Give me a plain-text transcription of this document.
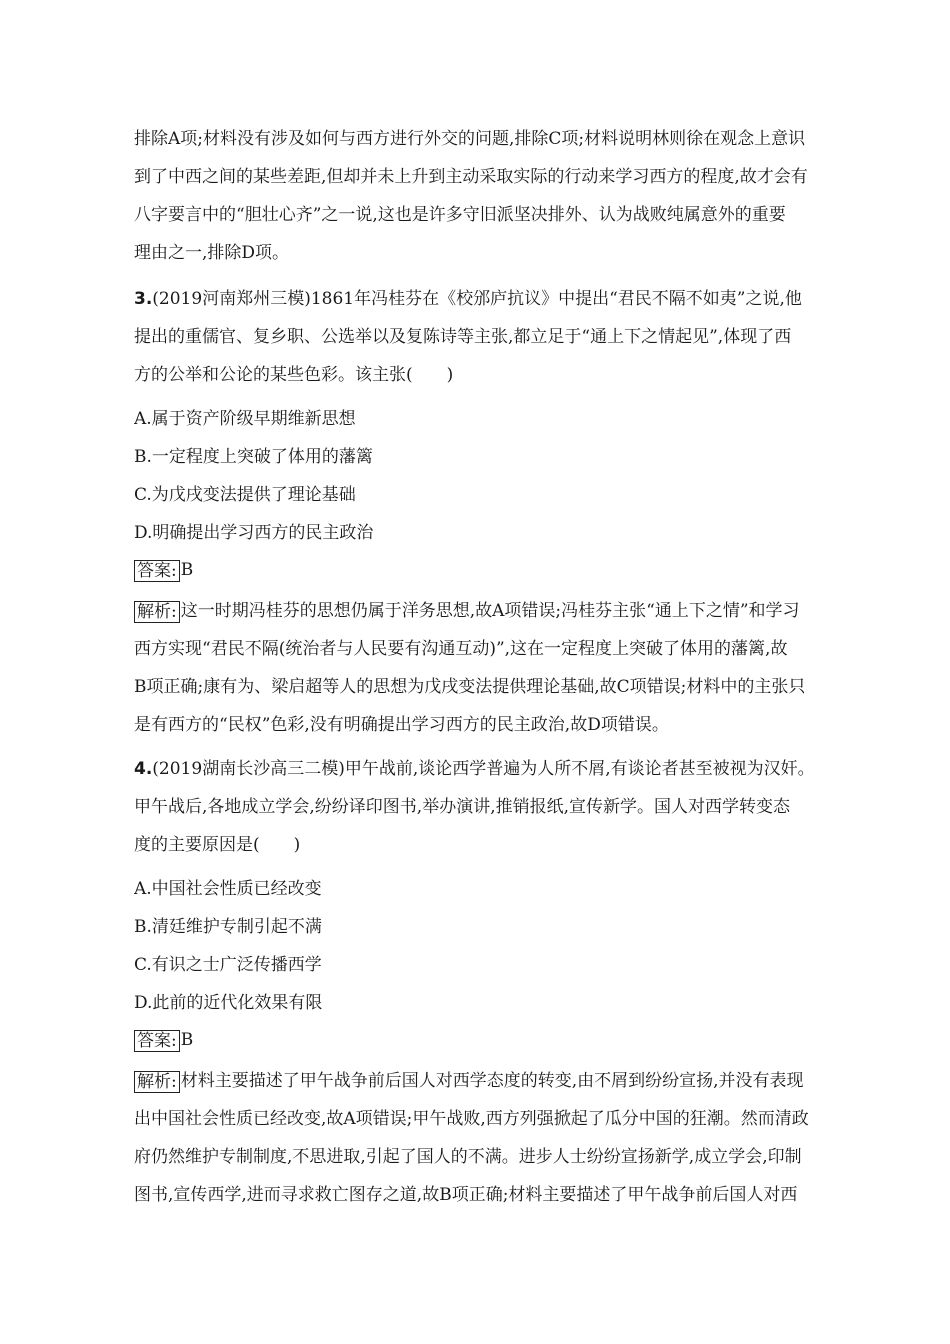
排除A项;材料没有涉及如何与西方进行外交的问题,排除C项;材料说明林则徐在观念上意识
到了中西之间的某些差距,但却并未上升到主动采取实际的行动来学习西方的程度,故才会有
八字要言中的“胆壮心齐”之一说,这也是许多守旧派坚决排外、认为战败纯属意外的重要
理由之一,排除D项。
3.(2019河南郑州三模)1861年冯桂芬在《校邠庐抗议》中提出“君民不隔不如夷”之说,他
提出的重儒官、复乡职、公选举以及复陈诗等主张,都立足于“通上下之情起见”,体现了西
方的公举和公论的某些色彩。该主张(　　)
A.属于资产阶级早期维新思想
B.一定程度上突破了体用的藩篱
C.为戊戌变法提供了理论基础
D.明确提出学习西方的民主政治
答案: B
解析: 这一时期冯桂芬的思想仍属于洋务思想,故A项错误;冯桂芬主张“通上下之情”和学习
西方实现“君民不隔(统治者与人民要有沟通互动)”,这在一定程度上突破了体用的藩篱,故
B项正确;康有为、梁启超等人的思想为戊戌变法提供理论基础,故C项错误;材料中的主张只
是有西方的“民权”色彩,没有明确提出学习西方的民主政治,故D项错误。
4.(2019湖南长沙高三二模)甲午战前,谈论西学普遍为人所不屑,有谈论者甚至被视为汉奸。
甲午战后,各地成立学会,纷纷译印图书,举办演讲,推销报纸,宣传新学。国人对西学转变态
度的主要原因是(　　)
A.中国社会性质已经改变
B.清廷维护专制引起不满
C.有识之士广泛传播西学
D.此前的近代化效果有限
答案: B
解析: 材料主要描述了甲午战争前后国人对西学态度的转变,由不屑到纷纷宣扬,并没有表现
出中国社会性质已经改变,故A项错误;甲午战败,西方列强掀起了瓜分中国的狂潮。然而清政
府仍然维护专制制度,不思进取,引起了国人的不满。进步人士纷纷宣扬新学,成立学会,印制
图书,宣传西学,进而寻求救亡图存之道,故B项正确;材料主要描述了甲午战争前后国人对西
